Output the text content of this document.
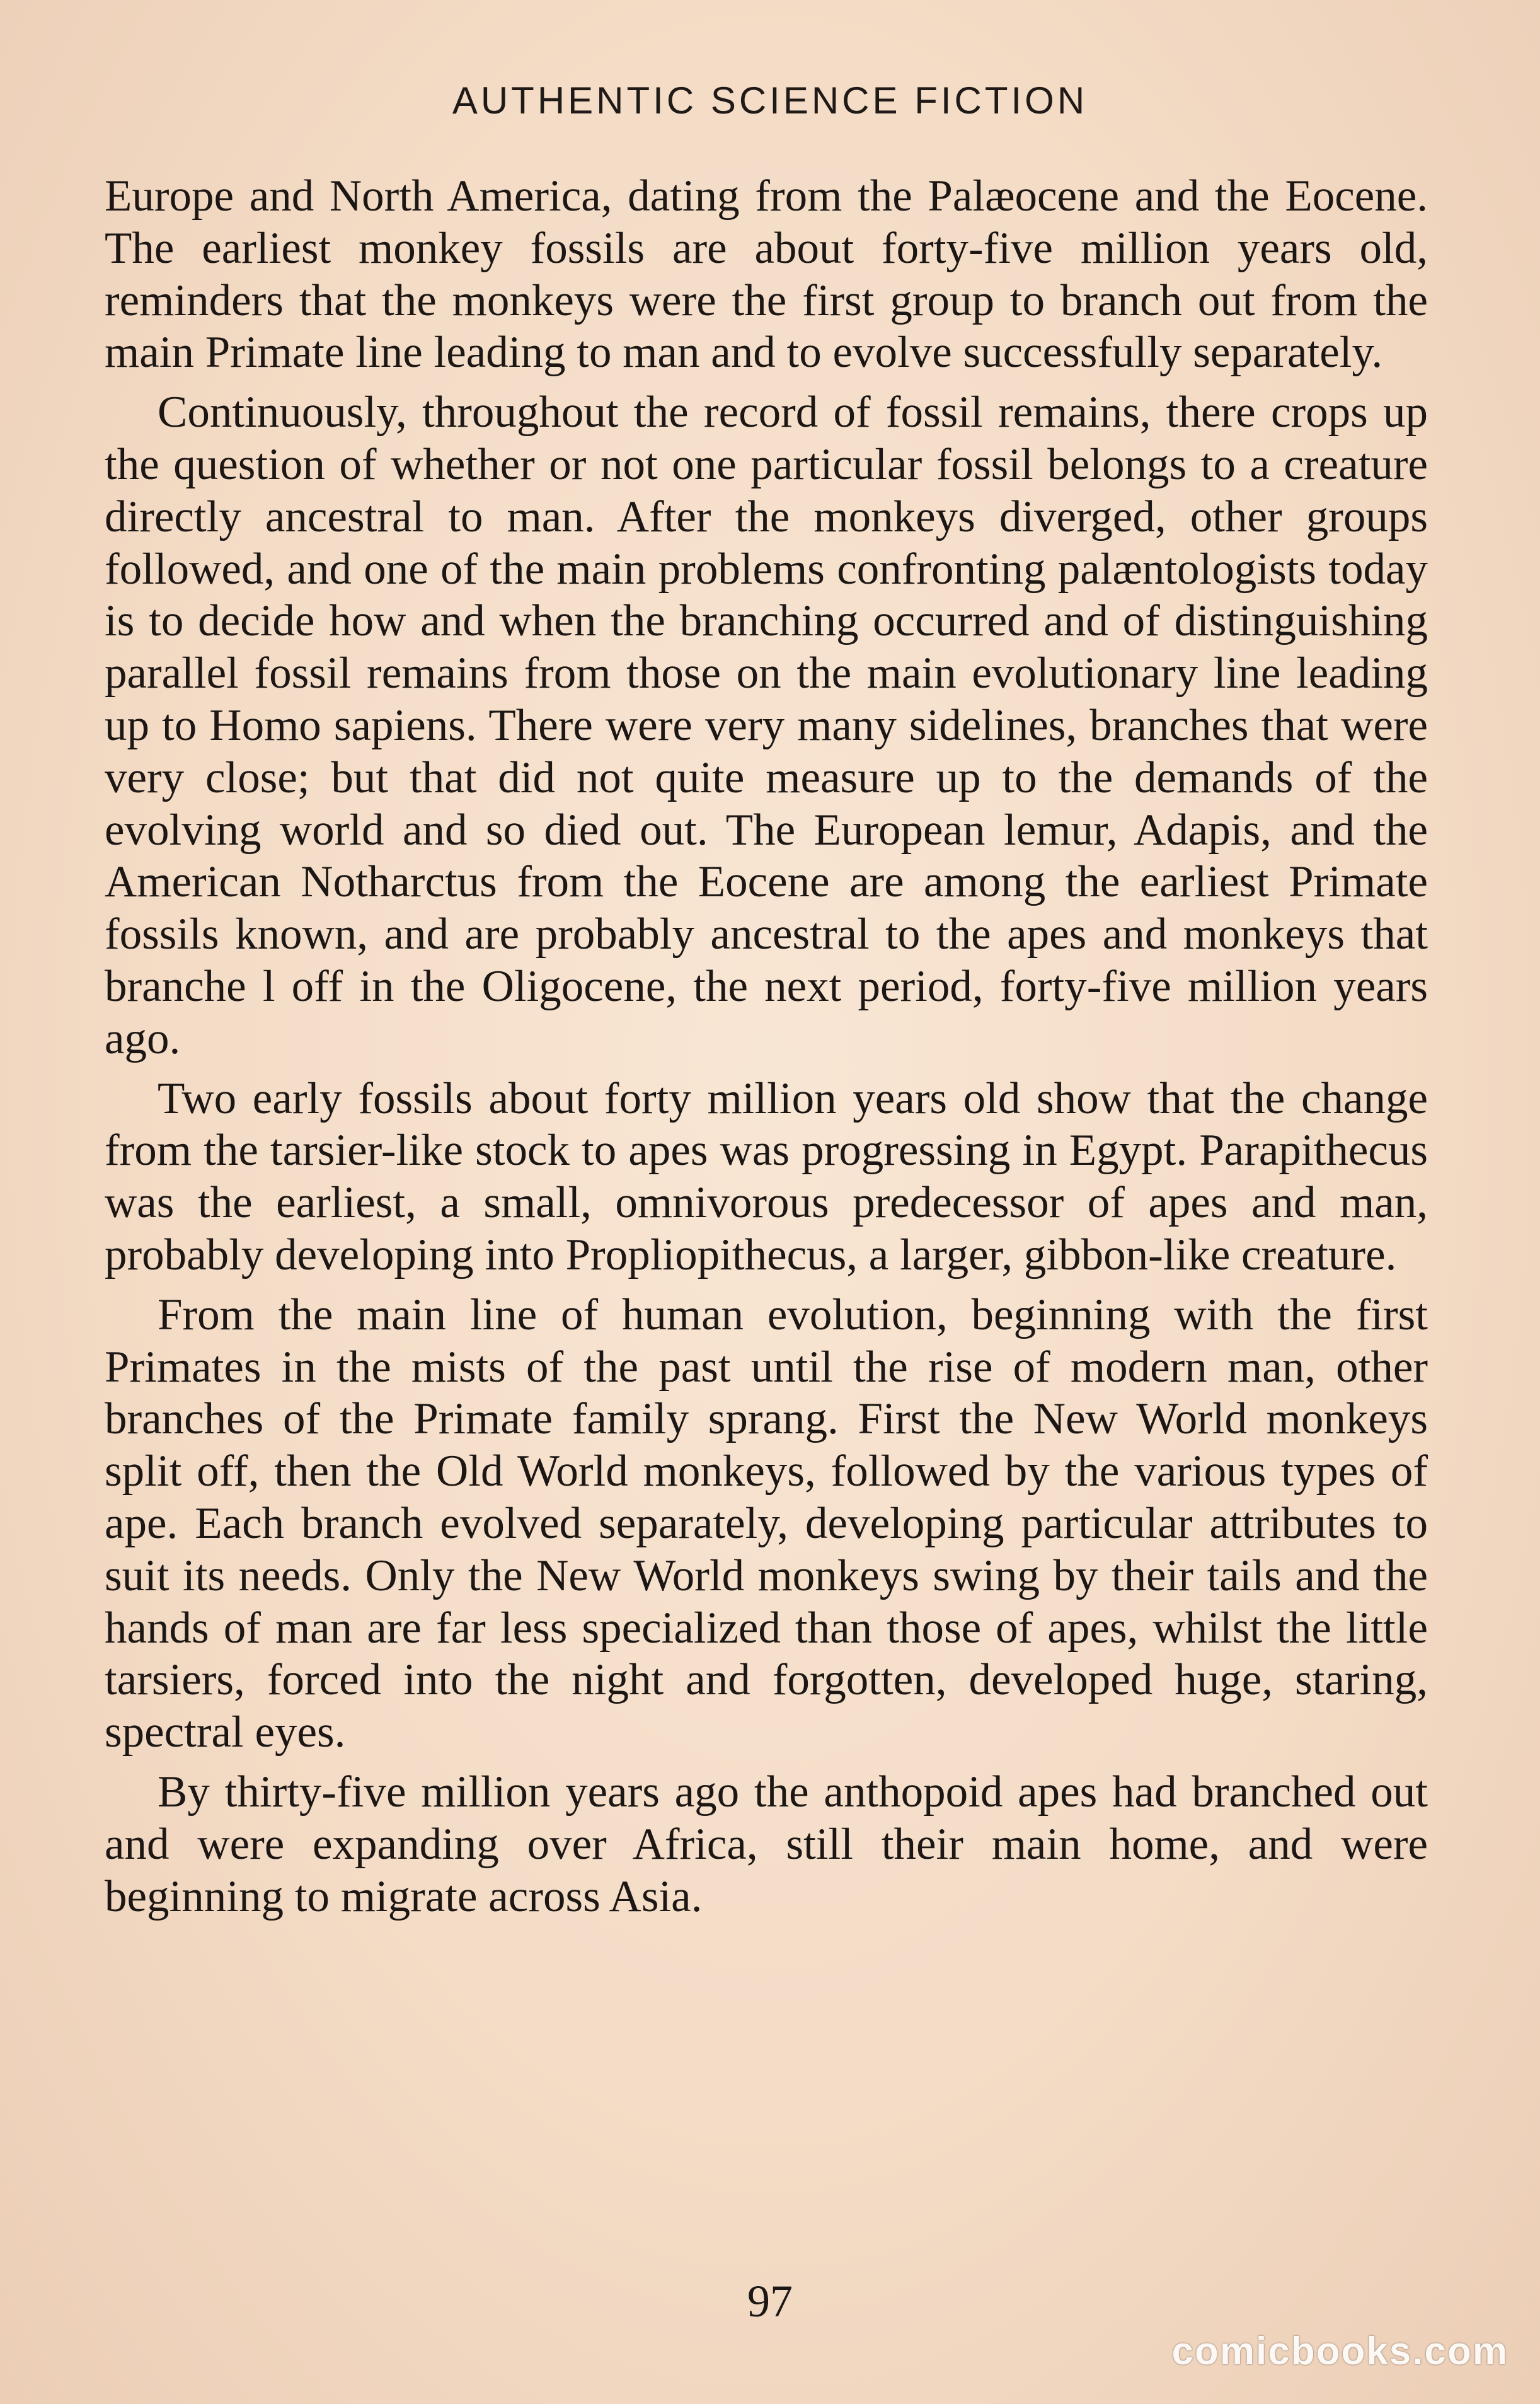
AUTHENTIC SCIENCE FICTION

Europe and North America, dating from the Palæocene and the Eocene. The earliest monkey fossils are about forty-five million years old, reminders that the monkeys were the first group to branch out from the main Primate line leading to man and to evolve successfully separately.

Continuously, throughout the record of fossil remains, there crops up the question of whether or not one particular fossil belongs to a creature directly ancestral to man. After the monkeys diverged, other groups followed, and one of the main problems confronting palæntologists today is to decide how and when the branching occurred and of distinguishing parallel fossil remains from those on the main evolutionary line leading up to Homo sapiens. There were very many sidelines, branches that were very close; but that did not quite measure up to the demands of the evolving world and so died out. The European lemur, Adapis, and the American Notharctus from the Eocene are among the earliest Primate fossils known, and are probably ancestral to the apes and monkeys that branche l off in the Oligocene, the next period, forty-five million years ago.

Two early fossils about forty million years old show that the change from the tarsier-like stock to apes was progressing in Egypt. Parapithecus was the earliest, a small, omnivorous predecessor of apes and man, probably developing into Propliopithecus, a larger, gibbon-like creature.

From the main line of human evolution, beginning with the first Primates in the mists of the past until the rise of modern man, other branches of the Primate family sprang. First the New World monkeys split off, then the Old World monkeys, followed by the various types of ape. Each branch evolved separately, developing particular attributes to suit its needs. Only the New World monkeys swing by their tails and the hands of man are far less specialized than those of apes, whilst the little tarsiers, forced into the night and forgotten, developed huge, staring, spectral eyes.

By thirty-five million years ago the anthopoid apes had branched out and were expanding over Africa, still their main home, and were beginning to migrate across Asia.

97
comicbooks.com
